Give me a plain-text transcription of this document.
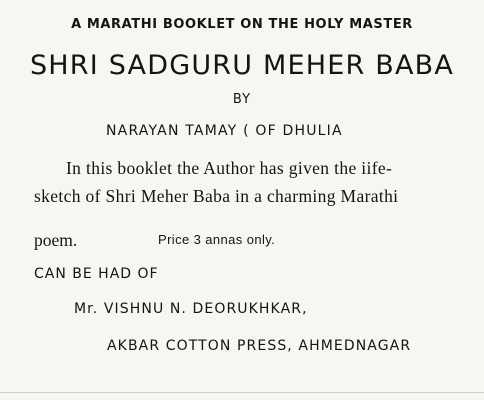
A MARATHI BOOKLET ON THE HOLY MASTER

SHRI SADGURU MEHER BABA

BY

NARAYAN TAMAY ( OF DHULIA

In this booklet the Author has given the iife-

sketch of Shri Meher Baba in a charming Marathi

poem.	Price 3 annas only.

CAN BE HAD OF

Mr. VISHNU N. DEORUKHKAR,

AKBAR COTTON PRESS, AHMEDNAGAR
